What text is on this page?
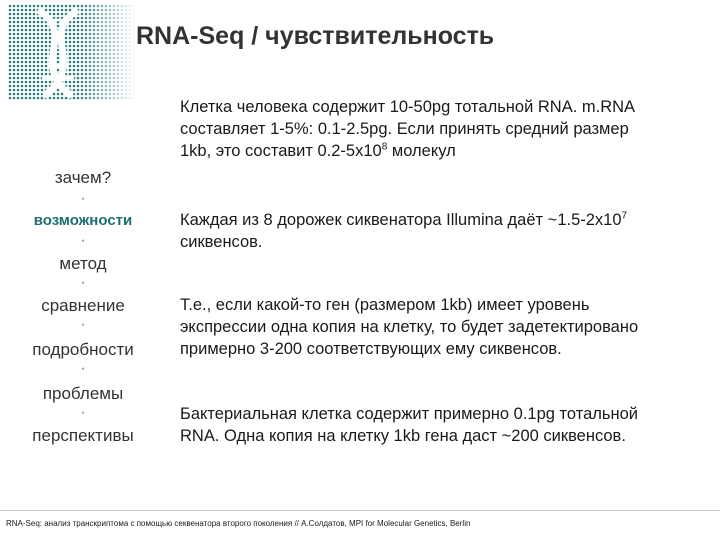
RNA-Seq / чувствительность
зачем?
•
возможности
•
метод
•
сравнение
•
подробности
•
проблемы
•
перспективы
Клетка человека содержит 10-50pg тотальной RNA. m.RNA
составляет 1-5%: 0.1-2.5pg. Если принять средний размер
1kb, это составит $0.2-5x10^8$ молекул
Каждая из 8 дорожек сиквенатора Illumina даёт $\sim 1.5-2x10^7$
сиквенсов.
Т.е., если какой-то ген (размером 1kb) имеет уровень
экспрессии одна копия на клетку, то будет задетектировано
примерно 3-200 соответствующих ему сиквенсов.
Бактериальная клетка содержит примерно 0.1pg тотальной
RNA. Одна копия на клетку 1kb гена даст ~200 сиквенсов.
RNA-Seq: анализ транскриптома с помощью секвенатора второго поколения // А.Солдатов, MPI for Molecular Genetics, Berlin
